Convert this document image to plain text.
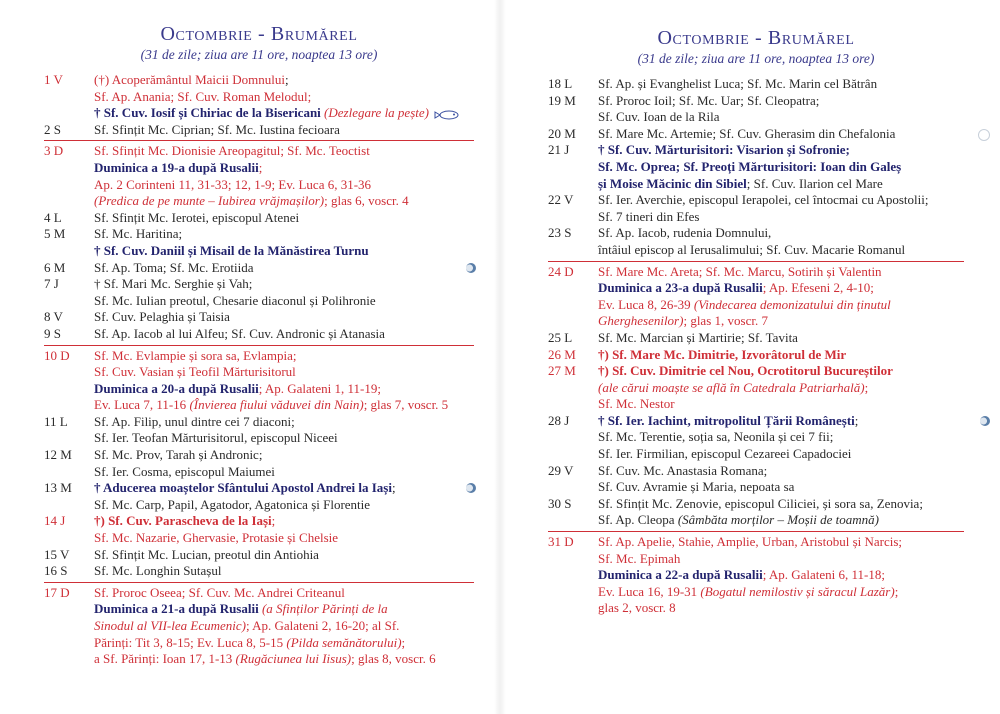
Octombrie - Brumărel
(31 de zile; ziua are 11 ore, noaptea 13 ore)
1 V	(†) Acoperământul Maicii Domnului;
Sf. Ap. Anania; Sf. Cuv. Roman Melodul;
† Sf. Cuv. Iosif și Chiriac de la Bisericani (Dezlegare la pește)
2 S	Sf. Sfințit Mc. Ciprian; Sf. Mc. Iustina fecioara
3 D	Sf. Sfințit Mc. Dionisie Areopagitul; Sf. Mc. Teoctist
Duminica a 19-a după Rusalii;
Ap. 2 Corinteni 11, 31-33; 12, 1-9; Ev. Luca 6, 31-36
(Predica de pe munte – Iubirea vrăjmașilor); glas 6, voscr. 4
4 L	Sf. Sfințit Mc. Ierotei, episcopul Atenei
5 M	Sf. Mc. Haritina;
† Sf. Cuv. Daniil și Misail de la Mănăstirea Turnu
6 M	Sf. Ap. Toma; Sf. Mc. Erotiida
7 J	† Sf. Mari Mc. Serghie și Vah;
Sf. Mc. Iulian preotul, Chesarie diaconul și Polihronie
8 V	Sf. Cuv. Pelaghia și Taisia
9 S	Sf. Ap. Iacob al lui Alfeu; Sf. Cuv. Andronic și Atanasia
10 D	Sf. Mc. Evlampie și sora sa, Evlampia;
Sf. Cuv. Vasian și Teofil Mărturisitorul
Duminica a 20-a după Rusalii; Ap. Galateni 1, 11-19;
Ev. Luca 7, 11-16 (Învierea fiului văduvei din Nain); glas 7, voscr. 5
11 L	Sf. Ap. Filip, unul dintre cei 7 diaconi;
Sf. Ier. Teofan Mărturisitorul, episcopul Niceei
12 M	Sf. Mc. Prov, Tarah și Andronic;
Sf. Ier. Cosma, episcopul Maiumei
13 M	† Aducerea moaștelor Sfântului Apostol Andrei la Iași;
Sf. Mc. Carp, Papil, Agatodor, Agatonica și Florentie
14 J	†) Sf. Cuv. Parascheva de la Iași;
Sf. Mc. Nazarie, Ghervasie, Protasie și Chelsie
15 V	Sf. Sfințit Mc. Lucian, preotul din Antiohia
16 S	Sf. Mc. Longhin Sutașul
17 D	Sf. Proroc Oseea; Sf. Cuv. Mc. Andrei Criteanul
Duminica a 21-a după Rusalii (a Sfinților Părinți de la
Sinodul al VII-lea Ecumenic); Ap. Galateni 2, 16-20; al Sf.
Părinți: Tit 3, 8-15; Ev. Luca 8, 5-15 (Pilda semănătorului);
a Sf. Părinți: Ioan 17, 1-13 (Rugăciunea lui Iisus); glas 8, voscr. 6
Octombrie - Brumărel
(31 de zile; ziua are 11 ore, noaptea 13 ore)
18 L	Sf. Ap. și Evanghelist Luca; Sf. Mc. Marin cel Bătrân
19 M	Sf. Proroc Ioil; Sf. Mc. Uar; Sf. Cleopatra;
Sf. Cuv. Ioan de la Rila
20 M	Sf. Mare Mc. Artemie; Sf. Cuv. Gherasim din Chefalonia
21 J	† Sf. Cuv. Mărturisitori: Visarion și Sofronie;
Sf. Mc. Oprea; Sf. Preoți Mărturisitori: Ioan din Galeș
și Moise Măcinic din Sibiel; Sf. Cuv. Ilarion cel Mare
22 V	Sf. Ier. Averchie, episcopul Ierapolei, cel întocmai cu Apostolii;
Sf. 7 tineri din Efes
23 S	Sf. Ap. Iacob, rudenia Domnului,
întâiul episcop al Ierusalimului; Sf. Cuv. Macarie Romanul
24 D	Sf. Mare Mc. Areta; Sf. Mc. Marcu, Sotirih și Valentin
Duminica a 23-a după Rusalii; Ap. Efeseni 2, 4-10;
Ev. Luca 8, 26-39 (Vindecarea demonizatului din ținutul
Gherghesenilor); glas 1, voscr. 7
25 L	Sf. Mc. Marcian și Martirie; Sf. Tavita
26 M	†) Sf. Mare Mc. Dimitrie, Izvorâtorul de Mir
27 M	†) Sf. Cuv. Dimitrie cel Nou, Ocrotitorul Bucureștilor
(ale cărui moaște se află în Catedrala Patriarhală);
Sf. Mc. Nestor
28 J	† Sf. Ier. Iachint, mitropolitul Țării Românești;
Sf. Mc. Terentie, soția sa, Neonila și cei 7 fii;
Sf. Ier. Firmilian, episcopul Cezareei Capadociei
29 V	Sf. Cuv. Mc. Anastasia Romana;
Sf. Cuv. Avramie și Maria, nepoata sa
30 S	Sf. Sfințit Mc. Zenovie, episcopul Ciliciei, și sora sa, Zenovia;
Sf. Ap. Cleopa (Sâmbăta morților – Moșii de toamnă)
31 D	Sf. Ap. Apelie, Stahie, Amplie, Urban, Aristobul și Narcis;
Sf. Mc. Epimah
Duminica a 22-a după Rusalii; Ap. Galateni 6, 11-18;
Ev. Luca 16, 19-31 (Bogatul nemilostiv și săracul Lazăr);
glas 2, voscr. 8
